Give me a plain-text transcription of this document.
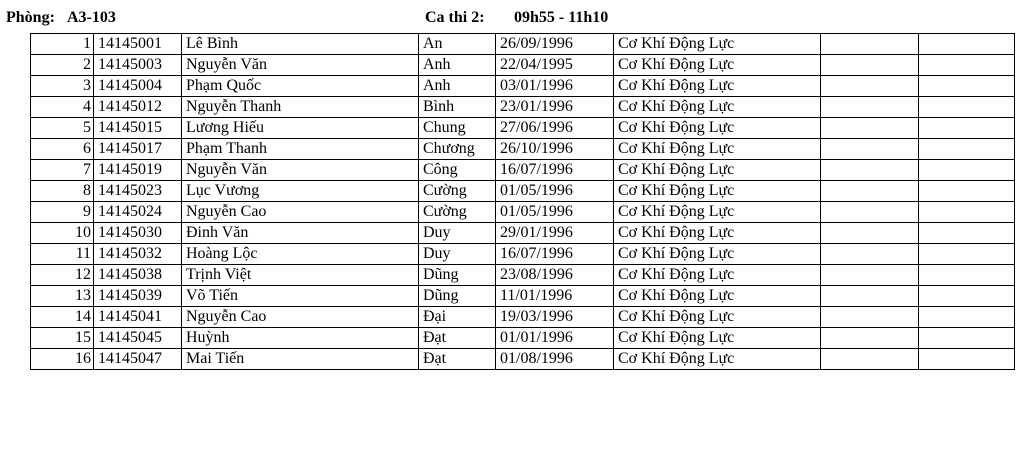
Phòng: A3-103	Ca thi 2: 09h55 - 11h10
1	14145001	Lê Bình	An	26/09/1996	Cơ Khí Động Lực		
2	14145003	Nguyễn Văn	Anh	22/04/1995	Cơ Khí Động Lực		
3	14145004	Phạm Quốc	Anh	03/01/1996	Cơ Khí Động Lực		
4	14145012	Nguyễn Thanh	Bình	23/01/1996	Cơ Khí Động Lực		
5	14145015	Lương Hiếu	Chung	27/06/1996	Cơ Khí Động Lực		
6	14145017	Phạm Thanh	Chương	26/10/1996	Cơ Khí Động Lực		
7	14145019	Nguyễn Văn	Công	16/07/1996	Cơ Khí Động Lực		
8	14145023	Lục Vương	Cường	01/05/1996	Cơ Khí Động Lực		
9	14145024	Nguyễn Cao	Cường	01/05/1996	Cơ Khí Động Lực		
10	14145030	Đinh Văn	Duy	29/01/1996	Cơ Khí Động Lực		
11	14145032	Hoàng Lộc	Duy	16/07/1996	Cơ Khí Động Lực		
12	14145038	Trịnh Việt	Dũng	23/08/1996	Cơ Khí Động Lực		
13	14145039	Võ Tiến	Dũng	11/01/1996	Cơ Khí Động Lực		
14	14145041	Nguyễn Cao	Đại	19/03/1996	Cơ Khí Động Lực		
15	14145045	Huỳnh	Đạt	01/01/1996	Cơ Khí Động Lực		
16	14145047	Mai Tiến	Đạt	01/08/1996	Cơ Khí Động Lực		
